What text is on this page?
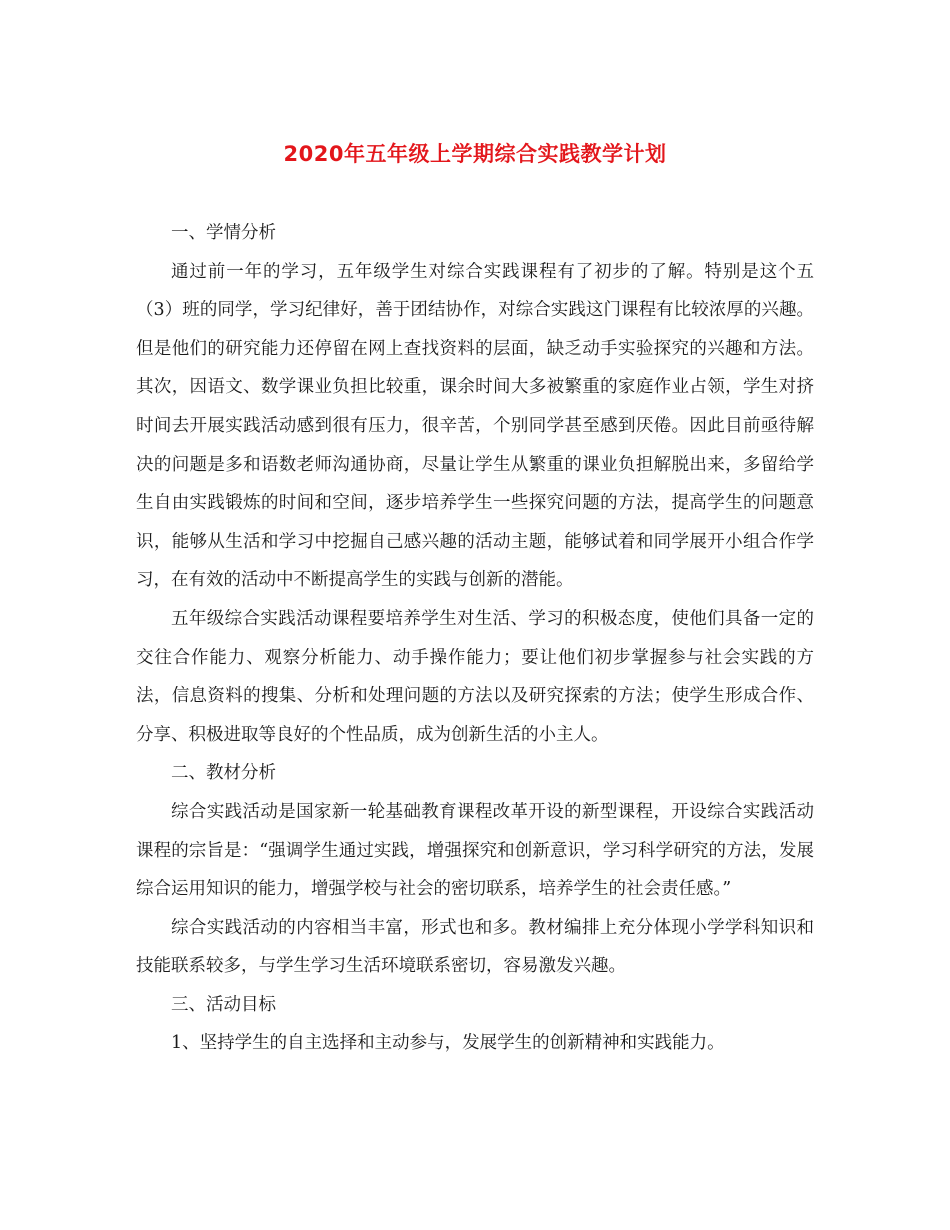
2020年五年级上学期综合实践教学计划

一、学情分析

通过前一年的学习，五年级学生对综合实践课程有了初步的了解。特别是这个五（3）班的同学，学习纪律好，善于团结协作，对综合实践这门课程有比较浓厚的兴趣。但是他们的研究能力还停留在网上查找资料的层面，缺乏动手实验探究的兴趣和方法。其次，因语文、数学课业负担比较重，课余时间大多被繁重的家庭作业占领，学生对挤时间去开展实践活动感到很有压力，很辛苦，个别同学甚至感到厌倦。因此目前亟待解决的问题是多和语数老师沟通协商，尽量让学生从繁重的课业负担解脱出来，多留给学生自由实践锻炼的时间和空间，逐步培养学生一些探究问题的方法，提高学生的问题意识，能够从生活和学习中挖掘自己感兴趣的活动主题，能够试着和同学展开小组合作学习，在有效的活动中不断提高学生的实践与创新的潜能。

五年级综合实践活动课程要培养学生对生活、学习的积极态度，使他们具备一定的交往合作能力、观察分析能力、动手操作能力；要让他们初步掌握参与社会实践的方法，信息资料的搜集、分析和处理问题的方法以及研究探索的方法；使学生形成合作、分享、积极进取等良好的个性品质，成为创新生活的小主人。

二、教材分析

综合实践活动是国家新一轮基础教育课程改革开设的新型课程，开设综合实践活动课程的宗旨是：“强调学生通过实践，增强探究和创新意识，学习科学研究的方法，发展综合运用知识的能力，增强学校与社会的密切联系，培养学生的社会责任感。”

综合实践活动的内容相当丰富，形式也和多。教材编排上充分体现小学学科知识和技能联系较多，与学生学习生活环境联系密切，容易激发兴趣。

三、活动目标

1、坚持学生的自主选择和主动参与，发展学生的创新精神和实践能力。
